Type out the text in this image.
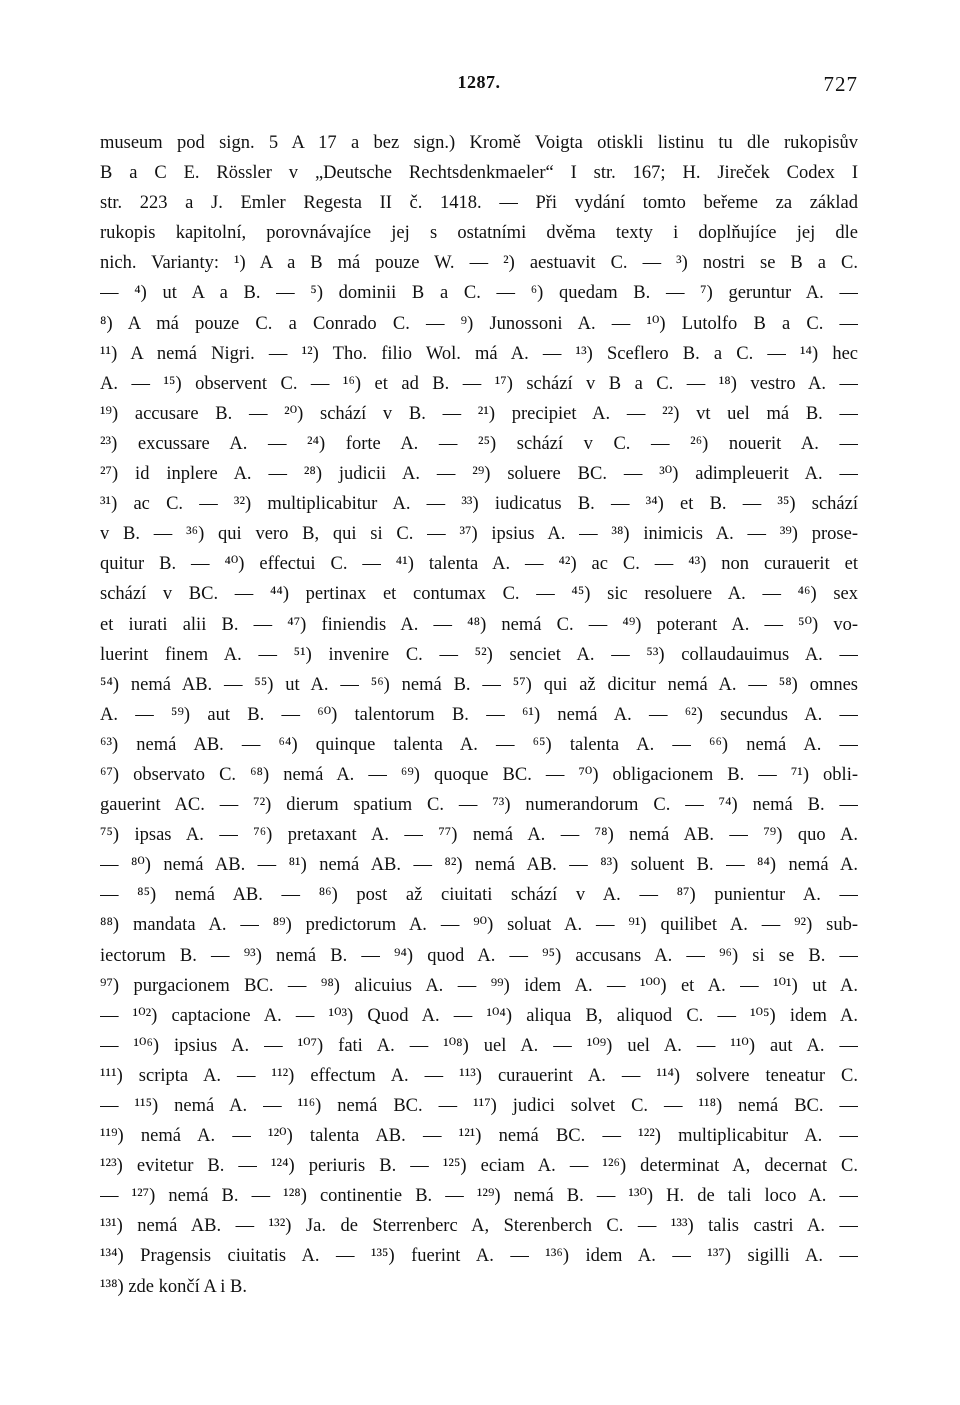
1287.	727
museum pod sign. 5 A 17 a bez sign.) Kromě Voigta otiskli listinu tu dle rukopisův
B a C E. Rössler v „Deutsche Rechtsdenkmaeler“ I str. 167; H. Jireček Codex I
str. 223 a J. Emler Regesta II č. 1418. — Při vydání tomto beřeme za základ
rukopis kapitolní, porovnávajíce jej s ostatními dvěma texty i doplňujíce jej dle
nich. Varianty: ¹) A a B má pouze W. — ²) aestuavit C. — ³) nostri se B a C.
— ⁴) ut A a B. — ⁵) dominii B a C. — ⁶) quedam B. — ⁷) geruntur A. —
⁸) A má pouze C. a Conrado C. — ⁹) Junossoni A. — ¹⁰) Lutolfo B a C. —
¹¹) A nemá Nigri. — ¹²) Tho. filio Wol. má A. — ¹³) Sceflero B. a C. — ¹⁴) hec
A. — ¹⁵) observent C. — ¹⁶) et ad B. — ¹⁷) schází v B a C. — ¹⁸) vestro A. —
¹⁹) accusare B. — ²⁰) schází v B. — ²¹) precipiet A. — ²²) vt uel má B. —
²³) excussare A. — ²⁴) forte A. — ²⁵) schází v C. — ²⁶) nouerit A. —
²⁷) id inplere A. — ²⁸) judicii A. — ²⁹) soluere BC. — ³⁰) adimpleuerit A. —
³¹) ac C. — ³²) multiplicabitur A. — ³³) iudicatus B. — ³⁴) et B. — ³⁵) schází
v B. — ³⁶) qui vero B, qui si C. — ³⁷) ipsius A. — ³⁸) inimicis A. — ³⁹) prose-
quitur B. — ⁴⁰) effectui C. — ⁴¹) talenta A. — ⁴²) ac C. — ⁴³) non curauerit et
schází v BC. — ⁴⁴) pertinax et contumax C. — ⁴⁵) sic resoluere A. — ⁴⁶) sex
et iurati alii B. — ⁴⁷) finiendis A. — ⁴⁸) nemá C. — ⁴⁹) poterant A. — ⁵⁰) vo-
luerint finem A. — ⁵¹) invenire C. — ⁵²) senciet A. — ⁵³) collaudauimus A. —
⁵⁴) nemá AB. — ⁵⁵) ut A. — ⁵⁶) nemá B. — ⁵⁷) qui až dicitur nemá A. — ⁵⁸) omnes
A. — ⁵⁹) aut B. — ⁶⁰) talentorum B. — ⁶¹) nemá A. — ⁶²) secundus A. —
⁶³) nemá AB. — ⁶⁴) quinque talenta A. — ⁶⁵) talenta A. — ⁶⁶) nemá A. —
⁶⁷) observato C. ⁶⁸) nemá A. — ⁶⁹) quoque BC. — ⁷⁰) obligacionem B. — ⁷¹) obli-
gauerint AC. — ⁷²) dierum spatium C. — ⁷³) numerandorum C. — ⁷⁴) nemá B. —
⁷⁵) ipsas A. — ⁷⁶) pretaxant A. — ⁷⁷) nemá A. — ⁷⁸) nemá AB. — ⁷⁹) quo A.
— ⁸⁰) nemá AB. — ⁸¹) nemá AB. — ⁸²) nemá AB. — ⁸³) soluent B. — ⁸⁴) nemá A.
— ⁸⁵) nemá AB. — ⁸⁶) post až ciuitati schází v A. — ⁸⁷) punientur A. —
⁸⁸) mandata A. — ⁸⁹) predictorum A. — ⁹⁰) soluat A. — ⁹¹) quilibet A. — ⁹²) sub-
iectorum B. — ⁹³) nemá B. — ⁹⁴) quod A. — ⁹⁵) accusans A. — ⁹⁶) si se B. —
⁹⁷) purgacionem BC. — ⁹⁸) alicuius A. — ⁹⁹) idem A. — ¹⁰⁰) et A. — ¹⁰¹) ut A.
— ¹⁰²) captacione A. — ¹⁰³) Quod A. — ¹⁰⁴) aliqua B, aliquod C. — ¹⁰⁵) idem A.
— ¹⁰⁶) ipsius A. — ¹⁰⁷) fati A. — ¹⁰⁸) uel A. — ¹⁰⁹) uel A. — ¹¹⁰) aut A. —
¹¹¹) scripta A. — ¹¹²) effectum A. — ¹¹³) curauerint A. — ¹¹⁴) solvere teneatur C.
— ¹¹⁵) nemá A. — ¹¹⁶) nemá BC. — ¹¹⁷) judici solvet C. — ¹¹⁸) nemá BC. —
¹¹⁹) nemá A. — ¹²⁰) talenta AB. — ¹²¹) nemá BC. — ¹²²) multiplicabitur A. —
¹²³) evitetur B. — ¹²⁴) periuris B. — ¹²⁵) eciam A. — ¹²⁶) determinat A, decernat C.
— ¹²⁷) nemá B. — ¹²⁸) continentie B. — ¹²⁹) nemá B. — ¹³⁰) H. de tali loco A. —
¹³¹) nemá AB. — ¹³²) Ja. de Sterrenberc A, Sterenberch C. — ¹³³) talis castri A. —
¹³⁴) Pragensis ciuitatis A. — ¹³⁵) fuerint A. — ¹³⁶) idem A. — ¹³⁷) sigilli A. —
¹³⁸) zde končí A i B.
